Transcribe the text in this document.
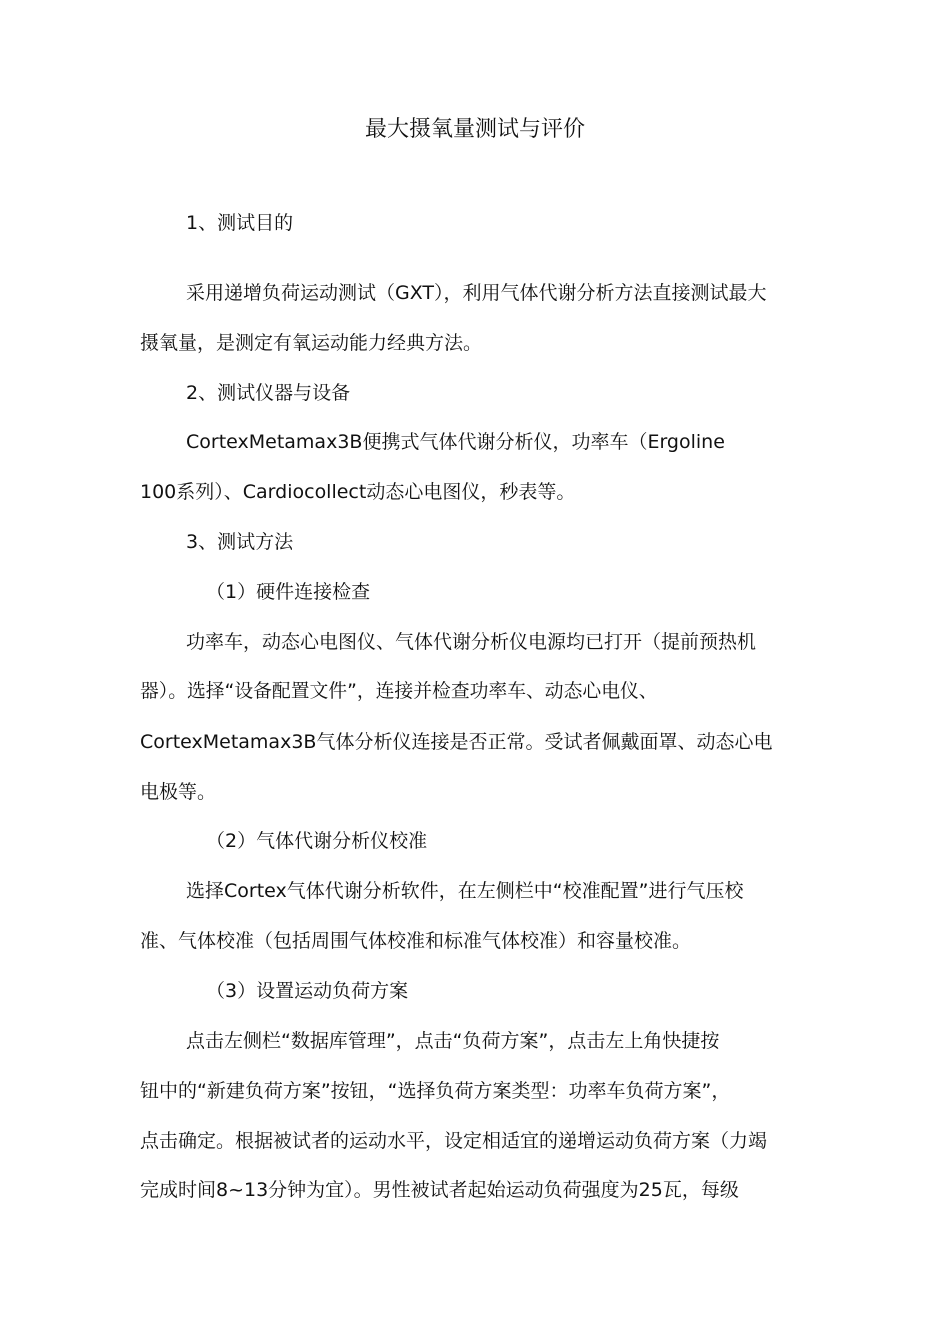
最大摄氧量测试与评价
1、测试目的
采用递增负荷运动测试（GXT），利用气体代谢分析方法直接测试最大
摄氧量，是测定有氧运动能力经典方法。
2、测试仪器与设备
CortexMetamax3B便携式气体代谢分析仪，功率车（Ergoline
100系列）、Cardiocollect动态心电图仪，秒表等。
3、测试方法
（1）硬件连接检查
功率车，动态心电图仪、气体代谢分析仪电源均已打开（提前预热机
器）。选择“设备配置文件”，连接并检查功率车、动态心电仪、
CortexMetamax3B气体分析仪连接是否正常。受试者佩戴面罩、动态心电
电极等。
（2）气体代谢分析仪校准
选择Cortex气体代谢分析软件，在左侧栏中“校准配置”进行气压校
准、气体校准（包括周围气体校准和标准气体校准）和容量校准。
（3）设置运动负荷方案
点击左侧栏“数据库管理”，点击“负荷方案”，点击左上角快捷按
钮中的“新建负荷方案”按钮，“选择负荷方案类型：功率车负荷方案”，
点击确定。根据被试者的运动水平，设定相适宜的递增运动负荷方案（力竭
完成时间8~13分钟为宜）。男性被试者起始运动负荷强度为25瓦，每级
